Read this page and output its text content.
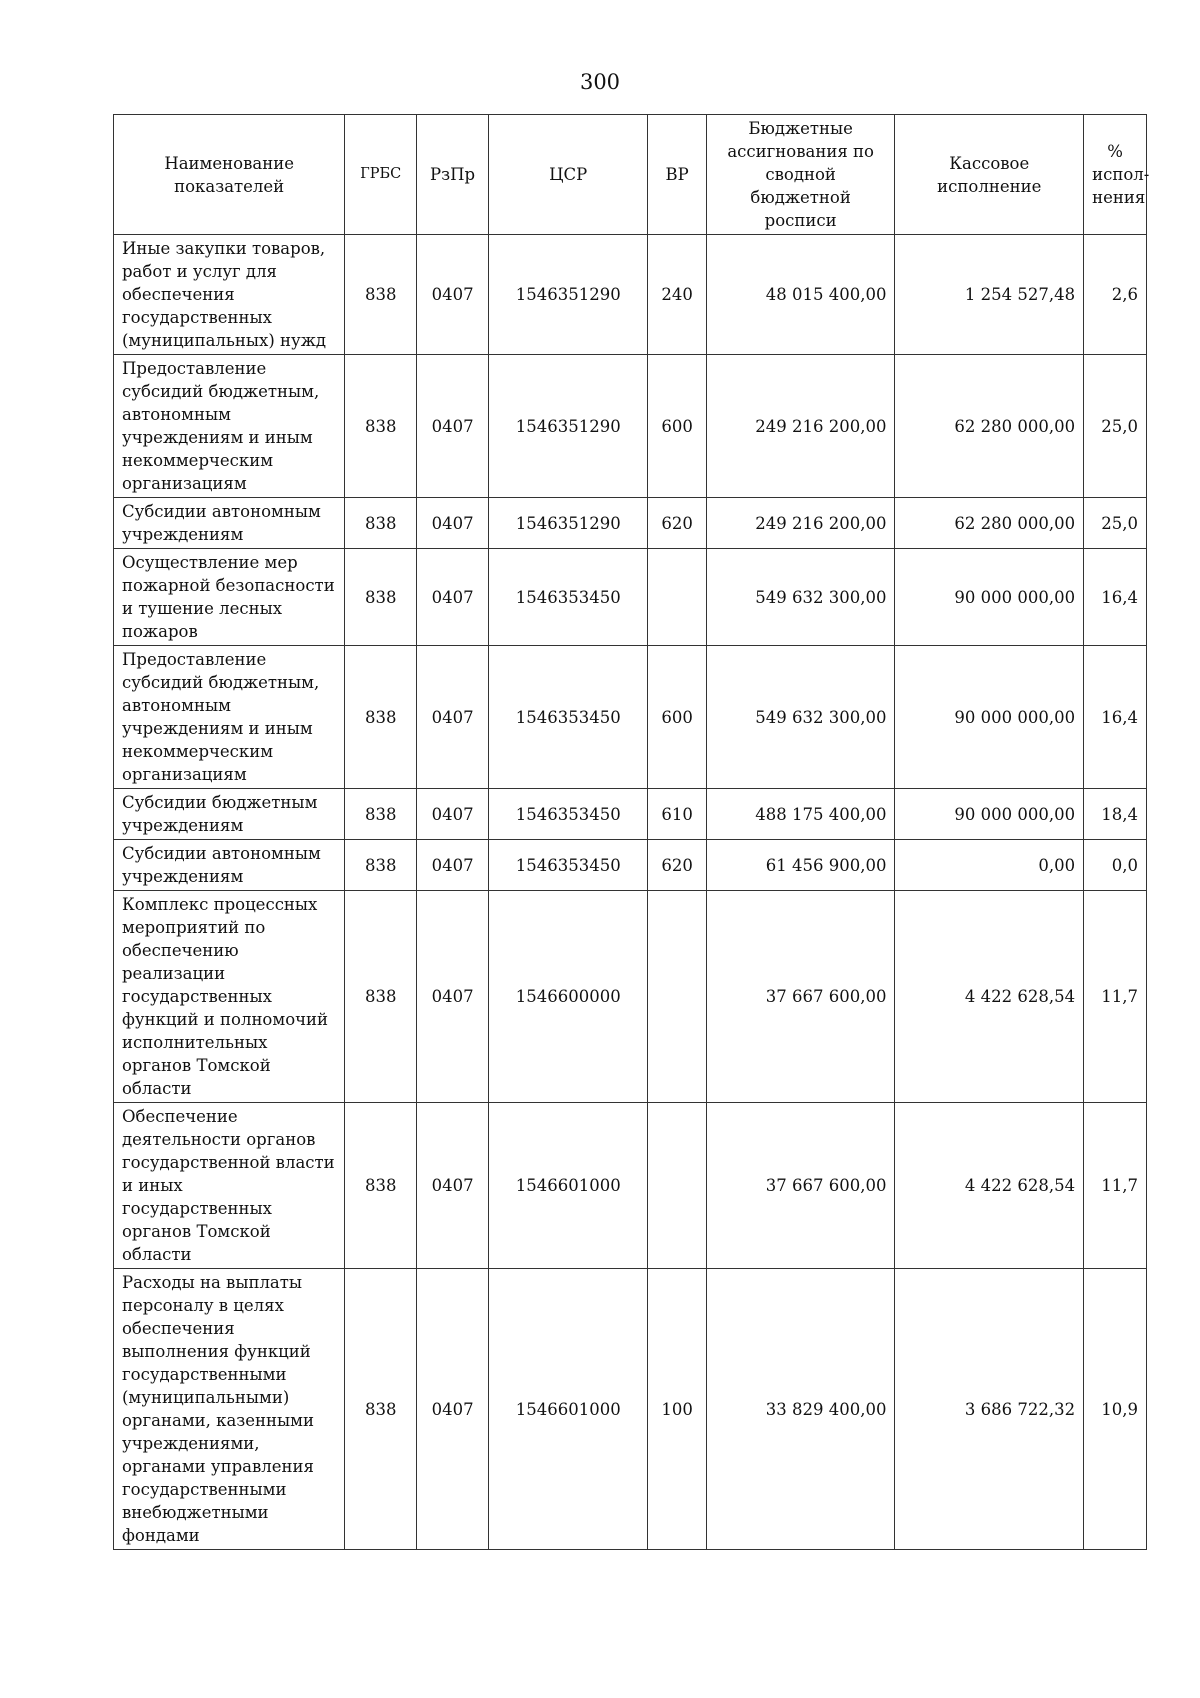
300
Наименование показателей	ГРБС	РзПр	ЦСР	ВР	Бюджетные ассигнования по сводной бюджетной росписи	Кассовое исполнение	% испол-нения
Иные закупки товаров, работ и услуг для обеспечения государственных (муниципальных) нужд	838	0407	1546351290	240	48 015 400,00	1 254 527,48	2,6
Предоставление субсидий бюджетным, автономным учреждениям и иным некоммерческим организациям	838	0407	1546351290	600	249 216 200,00	62 280 000,00	25,0
Субсидии автономным учреждениям	838	0407	1546351290	620	249 216 200,00	62 280 000,00	25,0
Осуществление мер пожарной безопасности и тушение лесных пожаров	838	0407	1546353450		549 632 300,00	90 000 000,00	16,4
Предоставление субсидий бюджетным, автономным учреждениям и иным некоммерческим организациям	838	0407	1546353450	600	549 632 300,00	90 000 000,00	16,4
Субсидии бюджетным учреждениям	838	0407	1546353450	610	488 175 400,00	90 000 000,00	18,4
Субсидии автономным учреждениям	838	0407	1546353450	620	61 456 900,00	0,00	0,0
Комплекс процессных мероприятий по обеспечению реализации государственных функций и полномочий исполнительных органов Томской области	838	0407	1546600000		37 667 600,00	4 422 628,54	11,7
Обеспечение деятельности органов государственной власти и иных государственных органов Томской области	838	0407	1546601000		37 667 600,00	4 422 628,54	11,7
Расходы на выплаты персоналу в целях обеспечения выполнения функций государственными (муниципальными) органами, казенными учреждениями, органами управления государственными внебюджетными фондами	838	0407	1546601000	100	33 829 400,00	3 686 722,32	10,9
